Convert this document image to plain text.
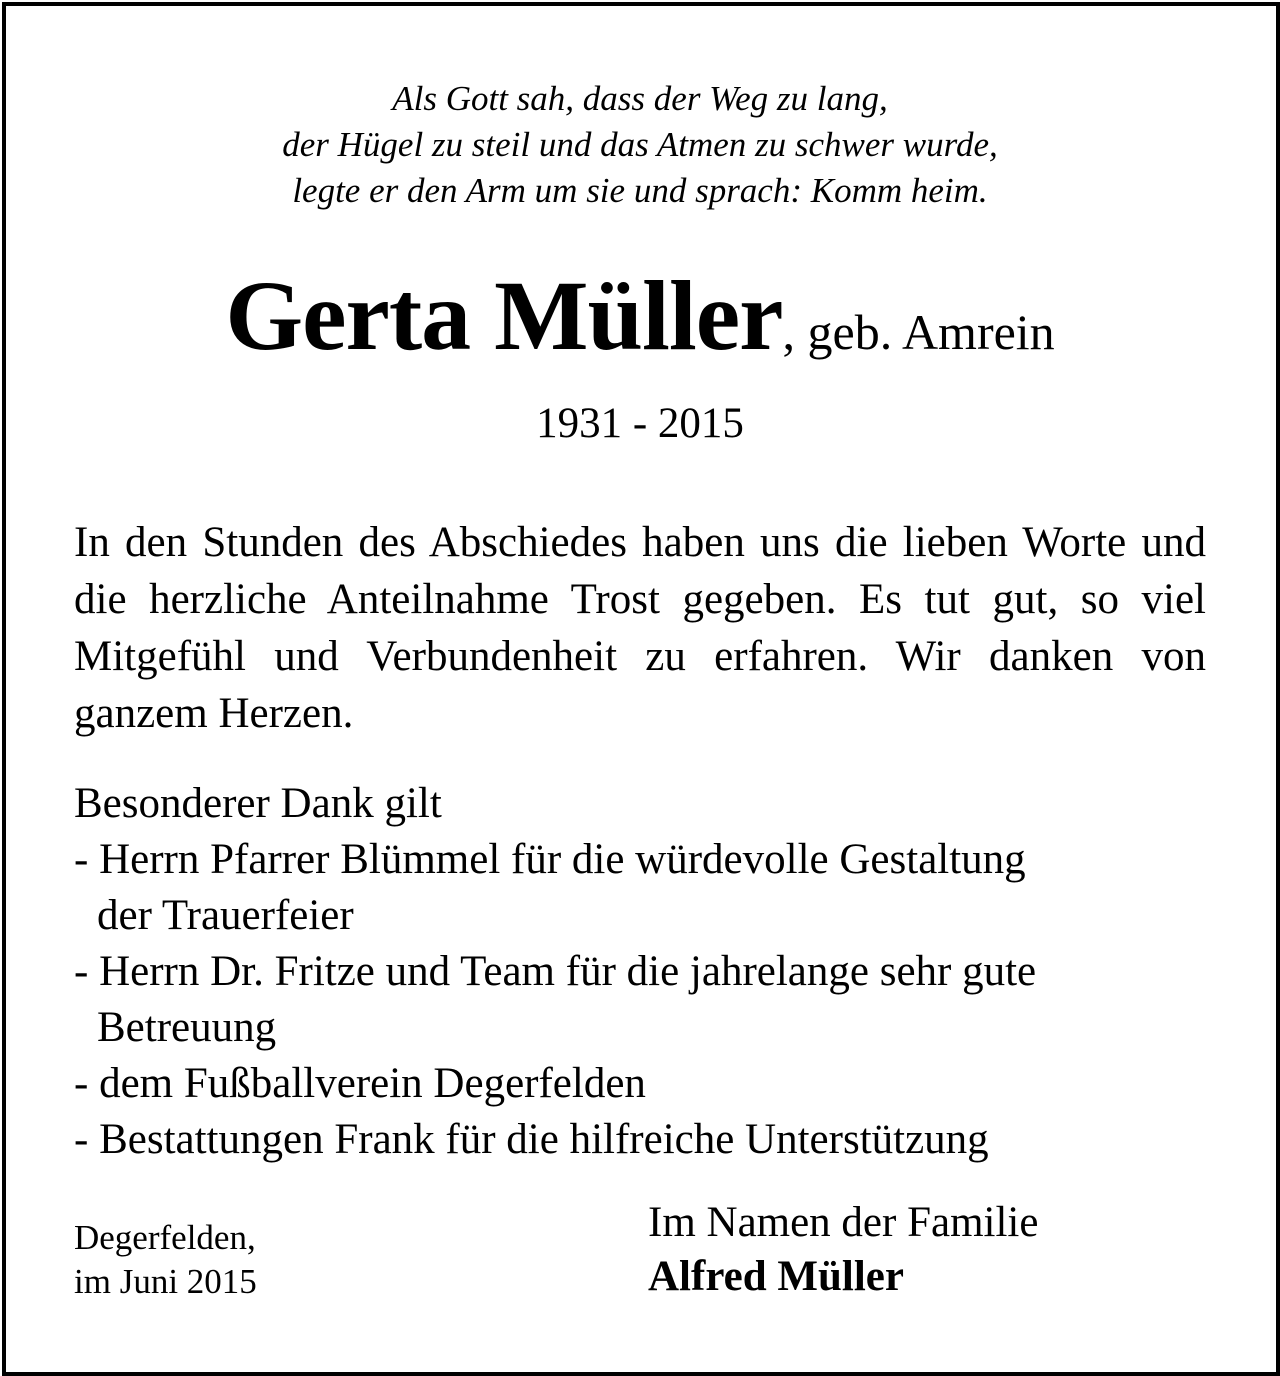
Als Gott sah, dass der Weg zu lang,
der Hügel zu steil und das Atmen zu schwer wurde,
legte er den Arm um sie und sprach: Komm heim.
Gerta Müller, geb. Amrein
1931 - 2015
In den Stunden des Abschiedes haben uns die lieben Worte und die herzliche Anteilnahme Trost gegeben. Es tut gut, so viel Mitgefühl und Verbundenheit zu erfahren. Wir danken von ganzem Herzen.
Besonderer Dank gilt
- Herrn Pfarrer Blümmel für die würdevolle Gestaltung
der Trauerfeier
- Herrn Dr. Fritze und Team für die jahrelange sehr gute
Betreuung
- dem Fußballverein Degerfelden
- Bestattungen Frank für die hilfreiche Unterstützung
Degerfelden,
im Juni 2015
Im Namen der Familie
Alfred Müller
